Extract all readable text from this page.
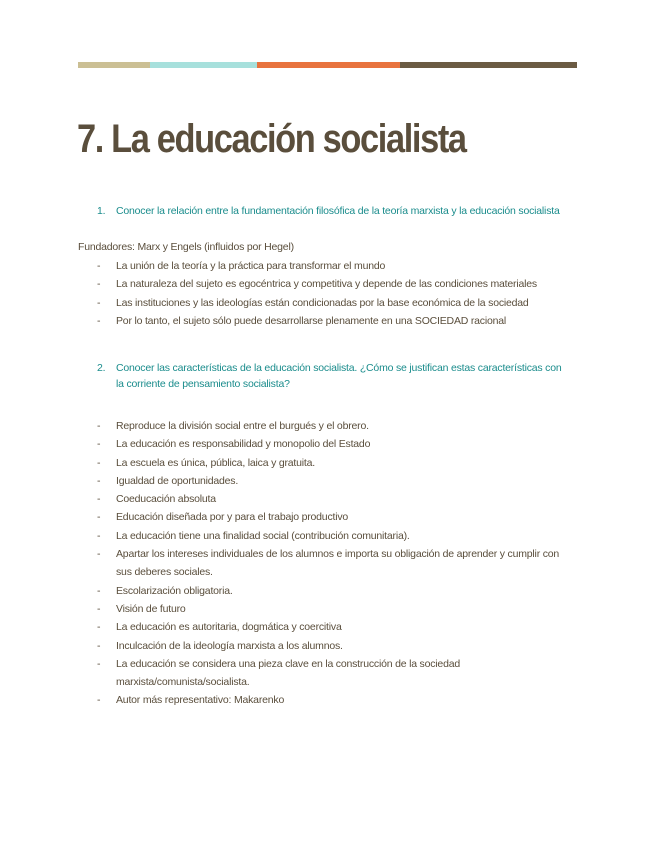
7. La educación socialista
1. Conocer la relación entre la fundamentación filosófica de la teoría marxista y la educación socialista
Fundadores: Marx y Engels (influidos por Hegel)
- La unión de la teoría y la práctica para transformar el mundo
- La naturaleza del sujeto es egocéntrica y competitiva y depende de las condiciones materiales
- Las instituciones y las ideologías están condicionadas por la base económica de la sociedad
- Por lo tanto, el sujeto sólo puede desarrollarse plenamente en una SOCIEDAD racional
2. Conocer las características de la educación socialista. ¿Cómo se justifican estas características con la corriente de pensamiento socialista?
- Reproduce la división social entre el burgués y el obrero.
- La educación es responsabilidad y monopolio del Estado
- La escuela es única, pública, laica y gratuita.
- Igualdad de oportunidades.
- Coeducación absoluta
- Educación diseñada por y para el trabajo productivo
- La educación tiene una finalidad social (contribución comunitaria).
- Apartar los intereses individuales de los alumnos e importa su obligación de aprender y cumplir con sus deberes sociales.
- Escolarización obligatoria.
- Visión de futuro
- La educación es autoritaria, dogmática y coercitiva
- Inculcación de la ideología marxista a los alumnos.
- La educación se considera una pieza clave en la construcción de la sociedad marxista/comunista/socialista.
- Autor más representativo: Makarenko
